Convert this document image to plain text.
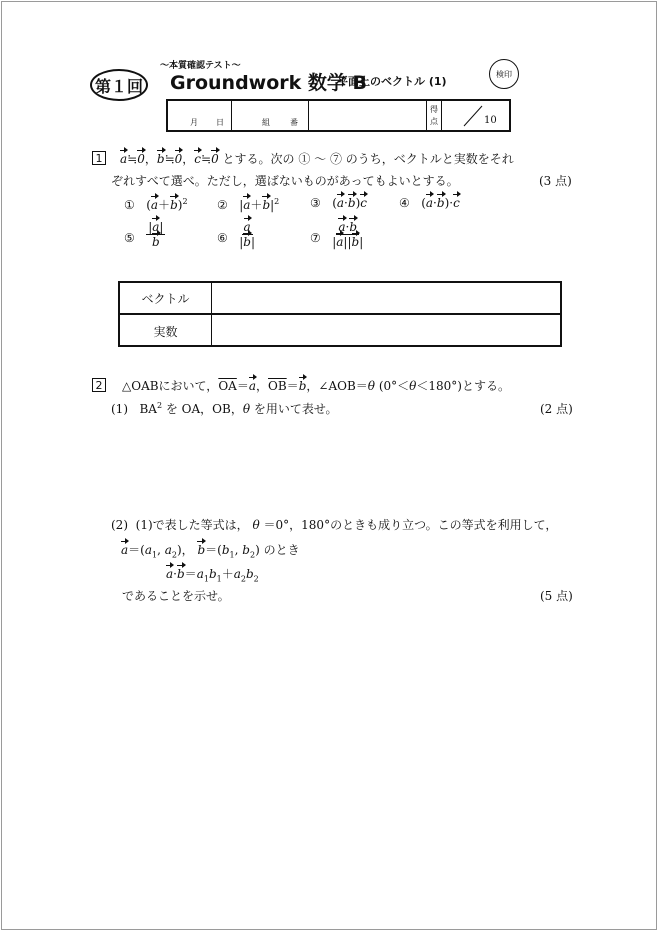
第１回
〜本質確認テスト〜
Groundwork 数学 B
平面上のベクトル (1)
検印
月 日	組	番
得
点	10
1 a≒0，b≒0，c≒0 とする。次の ① 〜 ⑦ のうち，ベクトルと実数をそれ
ぞれすべて選べ。ただし，選ばないものがあってもよいとする。	(3 点)
①   $(a+b)^2$ ②   $|a+b|^2$	③   (a·b)c	④   (a·b)·c
⑤
$\frac{|a|}{b}$	⑥
$\frac{a}{|b|}$	⑦
$\frac{a\cdot b}{|a||b|}$
ベクトル
実数
2 △OABにおいて，$\overline{OA}=a$，$\overline{OB}=b$，∠AOB＝θ (0°＜θ＜180°)とする。
(1) $BA^2$ を OA，OB，θ を用いて表せ。	(2 点)
(2) (1)で表した等式は， θ ＝0°，180°のときも成り立つ。この等式を利用して，
$a=(a_1$, $a_2$)， $b=(b_1$, $b_2$) のとき
$a\cdot b=a_1b_1+a_2b_2$
であることを示せ。	(5 点)
